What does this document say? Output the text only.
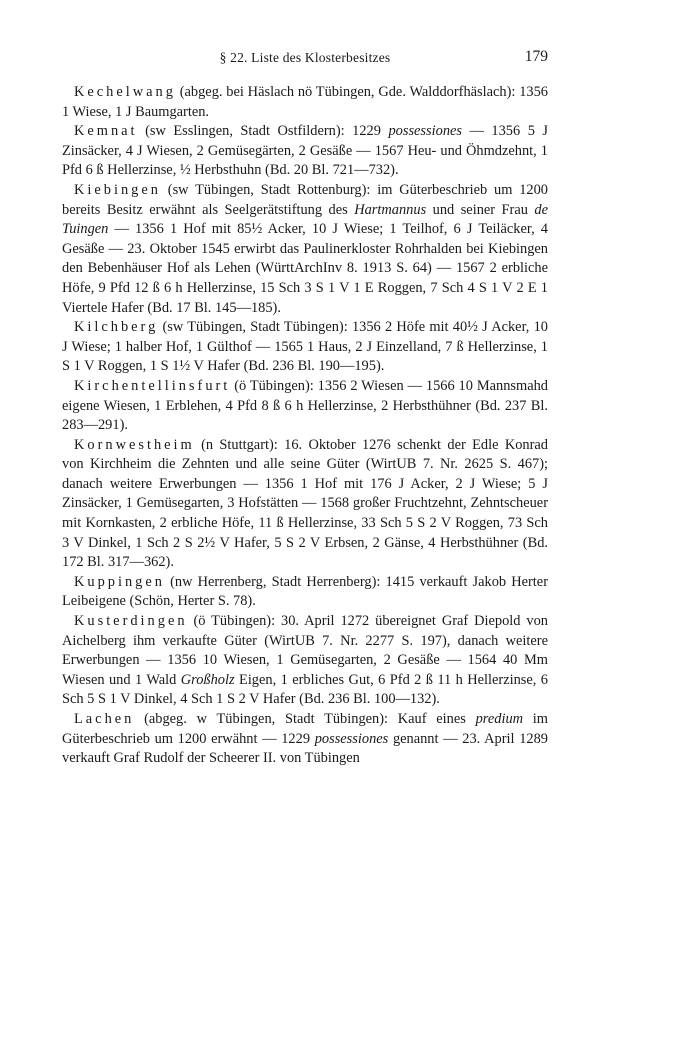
§ 22. Liste des Klosterbesitzes	179

Kechelwang (abgeg. bei Häslach nö Tübingen, Gde. Walddorfhäslach): 1356 1 Wiese, 1 J Baumgarten.

Kemnat (sw Esslingen, Stadt Ostfildern): 1229 possessiones — 1356 5 J Zinsäcker, 4 J Wiesen, 2 Gemüsegärten, 2 Gesäße — 1567 Heu- und Öhmdzehnt, 1 Pfd 6 ß Hellerzinse, ½ Herbsthuhn (Bd. 20 Bl. 721—732).

Kiebingen (sw Tübingen, Stadt Rottenburg): im Güterbeschrieb um 1200 bereits Besitz erwähnt als Seelgerätstiftung des Hartmannus und seiner Frau de Tuingen — 1356 1 Hof mit 85½ Acker, 10 J Wiese; 1 Teilhof, 6 J Teiläcker, 4 Gesäße — 23. Oktober 1545 erwirbt das Paulinerkloster Rohrhalden bei Kiebingen den Bebenhäuser Hof als Lehen (WürttArchInv 8. 1913 S. 64) — 1567 2 erbliche Höfe, 9 Pfd 12 ß 6 h Hellerzinse, 15 Sch 3 S 1 V 1 E Roggen, 7 Sch 4 S 1 V 2 E 1 Viertele Hafer (Bd. 17 Bl. 145—185).

Kilchberg (sw Tübingen, Stadt Tübingen): 1356 2 Höfe mit 40½ J Acker, 10 J Wiese; 1 halber Hof, 1 Gülthof — 1565 1 Haus, 2 J Einzelland, 7 ß Hellerzinse, 1 S 1 V Roggen, 1 S 1½ V Hafer (Bd. 236 Bl. 190—195).

Kirchentellinsfurt (ö Tübingen): 1356 2 Wiesen — 1566 10 Mannsmahd eigene Wiesen, 1 Erblehen, 4 Pfd 8 ß 6 h Hellerzinse, 2 Herbsthühner (Bd. 237 Bl. 283—291).

Kornwestheim (n Stuttgart): 16. Oktober 1276 schenkt der Edle Konrad von Kirchheim die Zehnten und alle seine Güter (WirtUB 7. Nr. 2625 S. 467); danach weitere Erwerbungen — 1356 1 Hof mit 176 J Acker, 2 J Wiese; 5 J Zinsäcker, 1 Gemüsegarten, 3 Hofstätten — 1568 großer Fruchtzehnt, Zehntscheuer mit Kornkasten, 2 erbliche Höfe, 11 ß Hellerzinse, 33 Sch 5 S 2 V Roggen, 73 Sch 3 V Dinkel, 1 Sch 2 S 2½ V Hafer, 5 S 2 V Erbsen, 2 Gänse, 4 Herbsthühner (Bd. 172 Bl. 317—362).

Kuppingen (nw Herrenberg, Stadt Herrenberg): 1415 verkauft Jakob Herter Leibeigene (Schön, Herter S. 78).

Kusterdingen (ö Tübingen): 30. April 1272 übereignet Graf Diepold von Aichelberg ihm verkaufte Güter (WirtUB 7. Nr. 2277 S. 197), danach weitere Erwerbungen — 1356 10 Wiesen, 1 Gemüsegarten, 2 Gesäße — 1564 40 Mm Wiesen und 1 Wald Großholz Eigen, 1 erbliches Gut, 6 Pfd 2 ß 11 h Hellerzinse, 6 Sch 5 S 1 V Dinkel, 4 Sch 1 S 2 V Hafer (Bd. 236 Bl. 100—132).

Lachen (abgeg. w Tübingen, Stadt Tübingen): Kauf eines predium im Güterbeschrieb um 1200 erwähnt — 1229 possessiones genannt — 23. April 1289 verkauft Graf Rudolf der Scheerer II. von Tübingen
